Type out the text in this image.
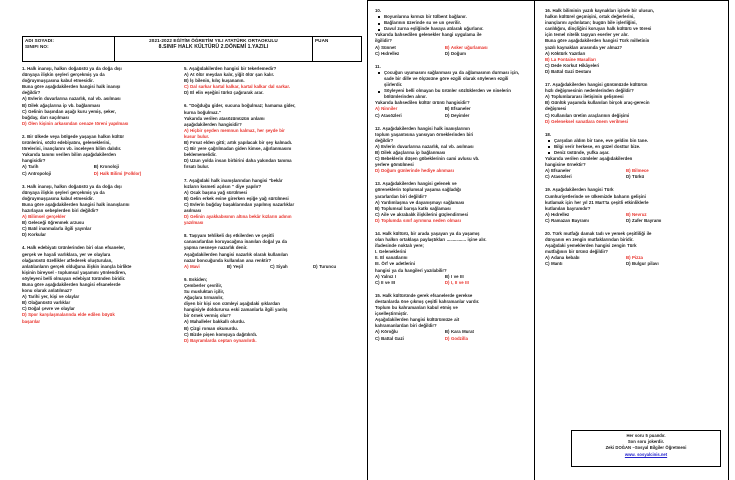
ADI SOYADI:
SINIFI NO:
2021-2022 EĞİTİM ÖĞRETİM YILI ATATÜRK ORTAOKULU
8.SINIF HALK KÜLTÜRÜ 2.DÖNEMİ 1.YAZILI
PUAN
1. Halk inanışı, halkın doğaüstü ya da doğa dışı
dünyaya ilişkin şeyleri gerçekmiş ya da
doğruymuşçasına kabul etmesidir.
Buna göre aşağıdakilerden hangisi halk inanışı
değildir?
A) Evlerin duvarlarına nazarlık, nal vb. asılması
B) Dilek ağaçlarına ip vb. bağlanması
C) Gelinin başından aşağı kuru yemiş, şeker,
buğday, darı saçılması
D) Ölen kişinin arkasından cenaze töreni yapılması
2. Bir ülkede veya bölgede yaşayan halkın kültür
ürünlerini, sözlü edebiyatını, geleneklerini,
törelerini, inançlarını vb. inceleyen bilim dalıdır.
Yukarıda tanımı verilen bilim aşağıdakilerden
hangisidir?
A) Tarih	B) Kronoloji
C) Antropoloji	D) Halk Bilimi (Folklor)
3. Halk inanışı, halkın doğaüstü ya da doğa dışı
dünyaya ilişkin şeyleri gerçekmiş ya da
doğruymuşçasına kabul etmesidir.
Buna göre aşağıdakilerden hangisi halk inanışlarını
hazırlayan sebeplerden biri değildir?
A) Bilimsel gerçekler
B) Geleceği öğrenmek arzusu
C) Batıl inanmalarla ilgili yayınlar
D) Korkular
4. Halk edebiyatı ürünlerinden biri olan efsaneler,
gerçek ve hayali varlıklara, yer ve olaylara
olağanüstü özellikler atfederek oluşturulan,
anlatılanların gerçek olduğuna ilişkin inançla birlikte
kişinin bireysel - toplumsal yaşamını yönlendiren,
söyleyeni belli olmayan edebiyat türünden biridir.
Buna göre aşağıdakilerden hangisi efsanelerde
konu olarak anlatılmaz?
A) Tarihi yer, kişi ve olaylar
B) Olağanüstü varlıklar
C) Doğal çevre ve olaylar
D) Spor karşılaşmalarında elde edilen büyük
başarılar
5. Aşağıdakilerden hangisi bir tekerlemedir?
A) At ölür meydan kalır, yiğit ölür şan kalır.
B) İş bilenin, kılıç kuşananın.
C) Dal sarkar kartal kalkar, kartal kalkar dal sarkar.
D) El elin eşeğini türkü çağırarak arar.
6. "Doğduğu gider, sucuna boğulmaz; hamama gider,
kurna boğulmaz."
Yukarıda verilen atasözümüzün anlamı
aşağıdakilerden hangisidir?
A) Hiçbir şeyden memnun kalmaz, her şeyde bir
kusur bulur.
B) Fırsat elden gitti; artık yapılacak bir şey kalmadı.
C) Bir yere çağrılmadan giden kimse, ağırlanmasını
beklememelidir.
D) Uzun yolda insan birbirini daha yakından tanıma
fırsatı bulur.
7. Aşağıdaki halk inanışlarından hangisi "bekâr
kızların kısmeti açılsın " diye yapılır?
A) Ocak başına yağ sürülmesi
B) Gelin erkek evine girerken eşiğe yağ sürülmesi
C) Evlerin buğday başaklarından yapılmış nazarlıklar
asılması
D) Gelinin ayakkabısının altına bekâr kızların adının
yazılması
8. Taşıyanı tehlikeli dış etkilerden ve çeşitli
canavarlardan koruyacağına inanılan doğal ya da
yapma nesneye nazarlık denir.
Aşağıdakilerden hangisi nazarlık olarak kullanılan
nazar boncuğunda kullanılan ana renktir?
A) Mavi	B) Yeşil	C) Siyah	D) Turuncu
9. Eskiden;
Çemberler çevrilir,
Su musluktan içilir,
Ağaçlara tırmanılır,
diyen bir kişi son cümleyi aşağıdaki şıklardan
hangisiyle doldurursa eski zamanlarla ilgili yanlış
bir örnek vermiş olur?
A) Mahalleler bakkallı olurdu.
B) Çizgi roman okunurdu.
C) Bizde pişen komşuya dağıtılırdı.
D) Bayramlarda ceptan oynanılırdı.
10.
Boyunlarına kırmızı bir tülbent bağlanır.
Bağlarının üzerinde su ve un çevrilir.
Davul zurna eşliğinde havaya atılarak uğurlanır.
Yukarıda bahsedilen gelenekler hangi uygulama ile
ilgilidir?
A) Sünnet	B) Asker uğurlaması
C) Hıdrellez	D) Doğum
11.
Çocuğun uyumasını sağlanması ya da ağlamasının durması için, sade bir dille ve ölçüsüne göre ezgili olarak söylenen ezgili şiirlerdir.
Söyleyeni belli olmayan bu ürünler sözlüklerden ve ninelerin bölümlerinden alınır.
Yukarıda bahsedilen kültür ürünü hangisidir?
A) Ninniler	B) Efsaneler
C) Atasözleri	D) Deyimler
12. Aşağıdakilerden hangisi halk inanışlarının
toplum yaşantısına yansıyan örneklerinden biri
değildir?
A) Evlerin duvarlarına nazarlık, nal vb. asılması
B) Dilek ağaçlarına ip bağlanması
C) Bebeklerin düşen göbeklerinin cami avlusu vb.
yerlere gömülmesi
D) Doğum günlerinde hediye alınması
13. Aşağıdakilerden hangisi gelenek ve
göreneklerin toplumsal yaşama sağladığı
yararlardan biri değildir?
A) Yardımlaşma ve dayanışmayı sağlaması
B) Toplumsal barışa katkı sağlaması
C) Aile ve akrabalık ilişkilerini güçlendirmesi
D) Toplumda sınıf ayrımına neden olması
14. Halk kültürü, bir arada yaşayan ya da yaşamış
olan halkın ortaklaşa paylaştıkları ................ içine alır.
ifadesinde noktalı yere;
I. Geleneklerini
II. El sanatlarını
III. Örf ve adetlerini
hangisi ya da hangileri yazılabilir?
A) Yalnız I	B) I ve III
C) II ve III	D) I, II ve III
15. Halk kültüründe gerek efsanelerde gerekse
destanlarda öne çıkmış çeşitli kahramanlar vardır.
Toplum bu kahramanları kabul etmiş ve
içselleştirmiştir.
Aşağıdakilerden hangisi kültürümüze ait
kahramanlardan biri değildir?
A) Köroğlu	B) Kara Murat
C) Battal Gazi	D) Godzilla
16. Halk biliminin yazılı kaynakları içinde bir ulusun,
halkın kültürel geçmişini, ortak değerlerini,
inançlarını aydınlatan; bugün bile işlerliğini,
canlılığını, dinçliğini koruyan halk kültürü ve töresi
için temel nitelik taşıyan eserler yer alır.
Buna göre aşağıdakilerden hangisi Türk milletinin
yazılı kaynakları arasında yer almaz?
A) Köktürk Yazıtları
B) La Fontaine Masalları
C) Dede Korkut Hikâyeleri
D) Battal Gazi Destanı
17. Aşağıdakilerden hangisi günümüzde kültürün
hızlı değişmesinin nedenlerinden değildir?
A) Toplumlararası iletişimin gelişmesi
B) Günlük yaşamda kullanılan birçok araç-gerecin
değişmesi
C) Kullanılan üretim araçlarının değişimi
D) Geleneksel sanatlara önem verilmesi
18.
Çarşıdan aldım bir tane, eve geldim bin tane.
Bilgi verir herkese, en güzel dosttur bize.
Deniz üstünde, yufka aşar.
Yukarıda verilen cümleler aşağıdakilerden
hangisine örnektir?
A) Efsaneler	B) Bilmece
C) Atasözleri	D) Türkü
19. Aşağıdakilerden hangisi Türk
Cumhuriyetlerinde ve ülkemizde baharın gelişini
kutlamak için her yıl 21 Mart'ta çeşitli etkinliklerle
kutlanılan bayramdır?
A) Hıdrellez	B) Nevruz
C) Ramazan Bayramı	D) Zafer Bayramı
20. Türk mutfağı damak tadı ve yemek çeşitliliği ile
dünyanın en zengin mutfaklarından biridir.
Aşağıdaki yemeklerden hangisi zengin Türk
mutfağının bir ürünü değildir?
A) Adana kebabı	B) Pizza
C) Mantı	D) Bulgur pilavı
Her soru 5 puandır.
Son soru jokerdir.
Zeki DOĞAN –Sosyal Bilgiler Öğretmeni
www. sosyalcinis.net
